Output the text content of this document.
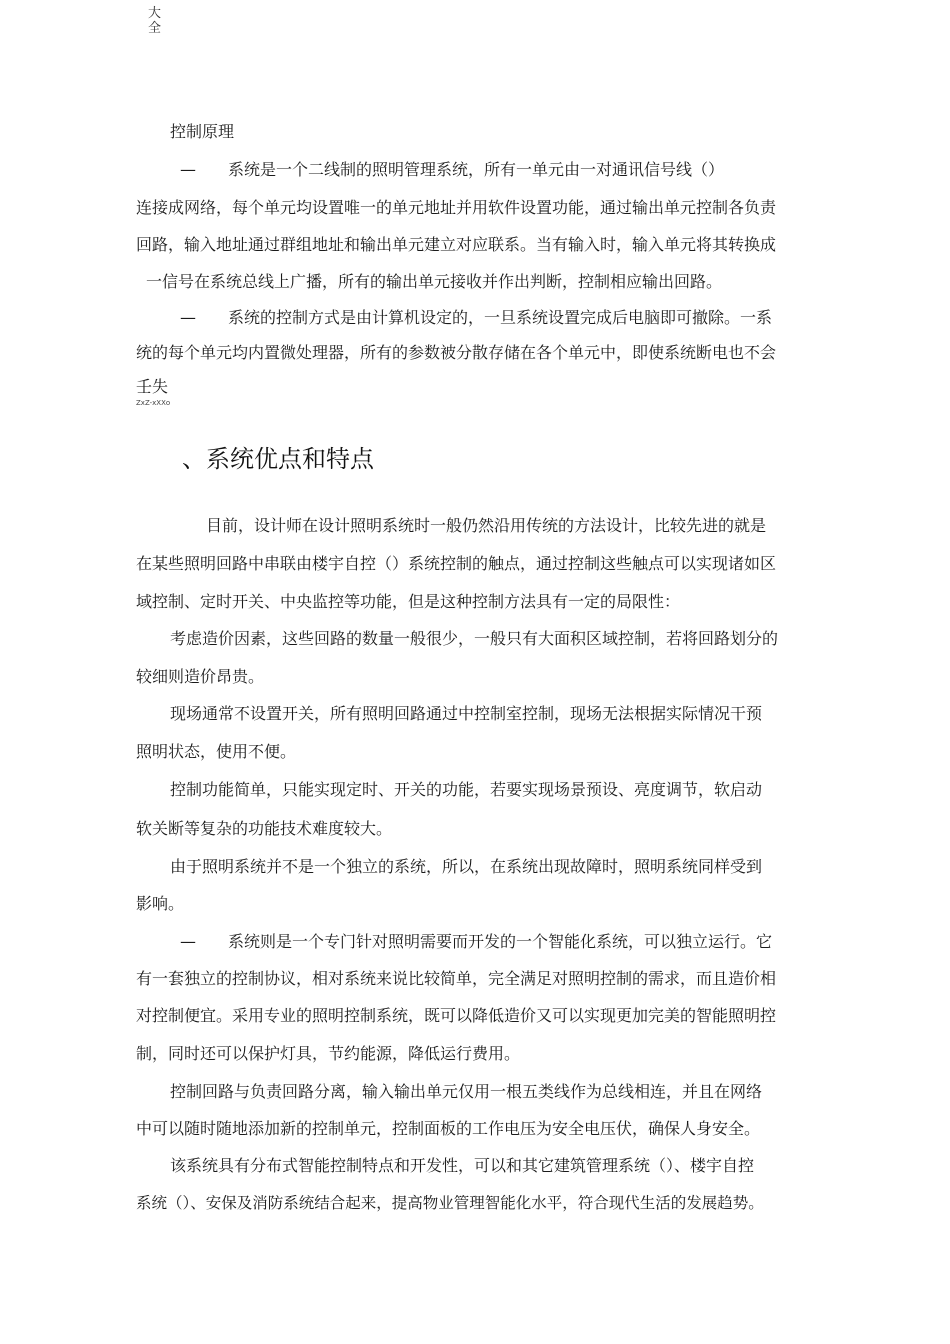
大
全
控制原理
—　　系统是一个二线制的照明管理系统，所有一单元由一对通讯信号线（）
连接成网络，每个单元均设置唯一的单元地址并用软件设置功能，通过输出单元控制各负责
回路，输入地址通过群组地址和输出单元建立对应联系。当有输入时，输入单元将其转换成
一信号在系统总线上广播，所有的输出单元接收并作出判断，控制相应输出回路。
—　　系统的控制方式是由计算机设定的，一旦系统设置完成后电脑即可撤除。一系
统的每个单元均内置微处理器，所有的参数被分散存储在各个单元中，即使系统断电也不会
壬失
ZxZ-xXXo
、系统优点和特点
目前，设计师在设计照明系统时一般仍然沿用传统的方法设计，比较先进的就是
在某些照明回路中串联由楼宇自控（）系统控制的触点，通过控制这些触点可以实现诸如区
域控制、定时开关、中央监控等功能，但是这种控制方法具有一定的局限性：
考虑造价因素，这些回路的数量一般很少，一般只有大面积区域控制，若将回路划分的
较细则造价昂贵。
现场通常不设置开关，所有照明回路通过中控制室控制，现场无法根据实际情况干预
照明状态，使用不便。
控制功能简单，只能实现定时、开关的功能，若要实现场景预设、亮度调节，软启动
软关断等复杂的功能技术难度较大。
由于照明系统并不是一个独立的系统，所以，在系统出现故障时，照明系统同样受到
影响。
—　　系统则是一个专门针对照明需要而开发的一个智能化系统，可以独立运行。它
有一套独立的控制协议，相对系统来说比较简单，完全满足对照明控制的需求，而且造价相
对控制便宜。采用专业的照明控制系统，既可以降低造价又可以实现更加完美的智能照明控
制，同时还可以保护灯具，节约能源，降低运行费用。
控制回路与负责回路分离，输入输出单元仅用一根五类线作为总线相连，并且在网络
中可以随时随地添加新的控制单元，控制面板的工作电压为安全电压伏，确保人身安全。
该系统具有分布式智能控制特点和开发性，可以和其它建筑管理系统（）、楼宇自控
系统（）、安保及消防系统结合起来，提高物业管理智能化水平，符合现代生活的发展趋势。
